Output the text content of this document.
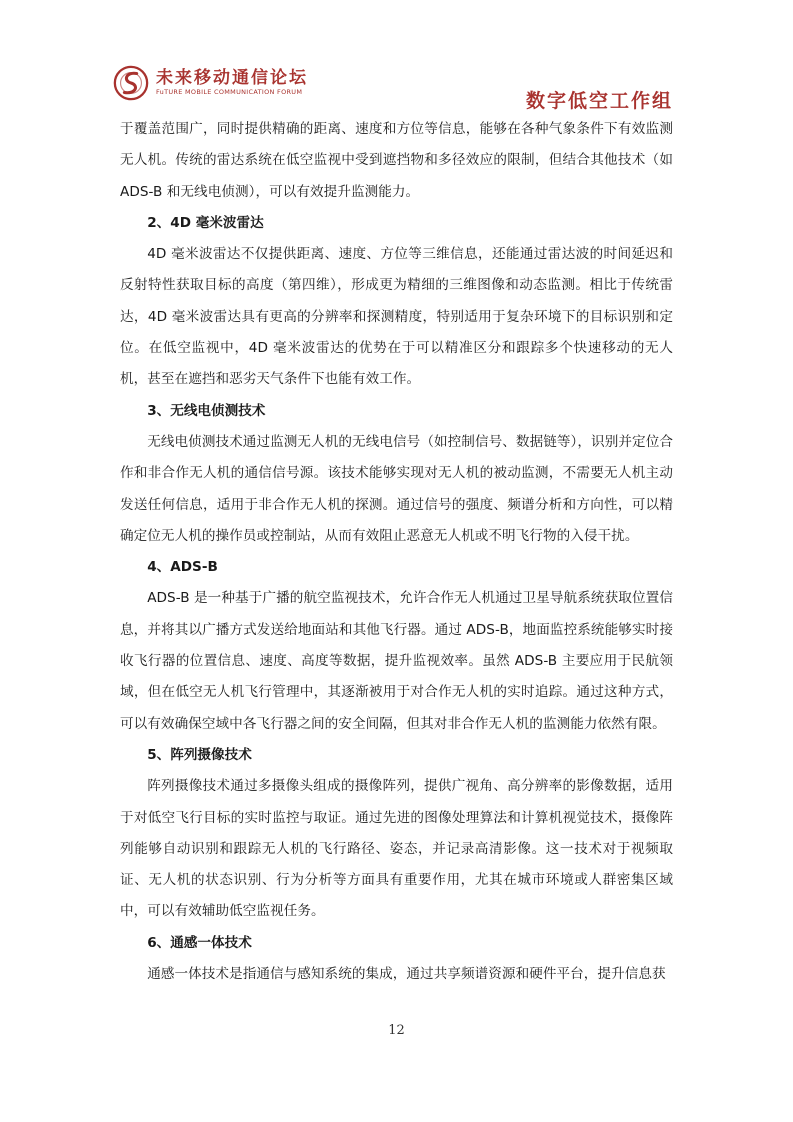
未来移动通信论坛
FuTURE MOBILE COMMUNICATION FORUM	数字低空工作组

于覆盖范围广，同时提供精确的距离、速度和方位等信息，能够在各种气象条件下有效监测无人机。传统的雷达系统在低空监视中受到遮挡物和多径效应的限制，但结合其他技术（如 ADS-B 和无线电侦测），可以有效提升监测能力。

2、4D 毫米波雷达

4D 毫米波雷达不仅提供距离、速度、方位等三维信息，还能通过雷达波的时间延迟和反射特性获取目标的高度（第四维），形成更为精细的三维图像和动态监测。相比于传统雷达，4D 毫米波雷达具有更高的分辨率和探测精度，特别适用于复杂环境下的目标识别和定位。在低空监视中，4D 毫米波雷达的优势在于可以精准区分和跟踪多个快速移动的无人机，甚至在遮挡和恶劣天气条件下也能有效工作。

3、无线电侦测技术

无线电侦测技术通过监测无人机的无线电信号（如控制信号、数据链等），识别并定位合作和非合作无人机的通信信号源。该技术能够实现对无人机的被动监测，不需要无人机主动发送任何信息，适用于非合作无人机的探测。通过信号的强度、频谱分析和方向性，可以精确定位无人机的操作员或控制站，从而有效阻止恶意无人机或不明飞行物的入侵干扰。

4、ADS-B

ADS-B 是一种基于广播的航空监视技术，允许合作无人机通过卫星导航系统获取位置信息，并将其以广播方式发送给地面站和其他飞行器。通过 ADS-B，地面监控系统能够实时接收飞行器的位置信息、速度、高度等数据，提升监视效率。虽然 ADS-B 主要应用于民航领域，但在低空无人机飞行管理中，其逐渐被用于对合作无人机的实时追踪。通过这种方式，可以有效确保空域中各飞行器之间的安全间隔，但其对非合作无人机的监测能力依然有限。

5、阵列摄像技术

阵列摄像技术通过多摄像头组成的摄像阵列，提供广视角、高分辨率的影像数据，适用于对低空飞行目标的实时监控与取证。通过先进的图像处理算法和计算机视觉技术，摄像阵列能够自动识别和跟踪无人机的飞行路径、姿态，并记录高清影像。这一技术对于视频取证、无人机的状态识别、行为分析等方面具有重要作用，尤其在城市环境或人群密集区域中，可以有效辅助低空监视任务。

6、通感一体技术

通感一体技术是指通信与感知系统的集成，通过共享频谱资源和硬件平台，提升信息获

12
